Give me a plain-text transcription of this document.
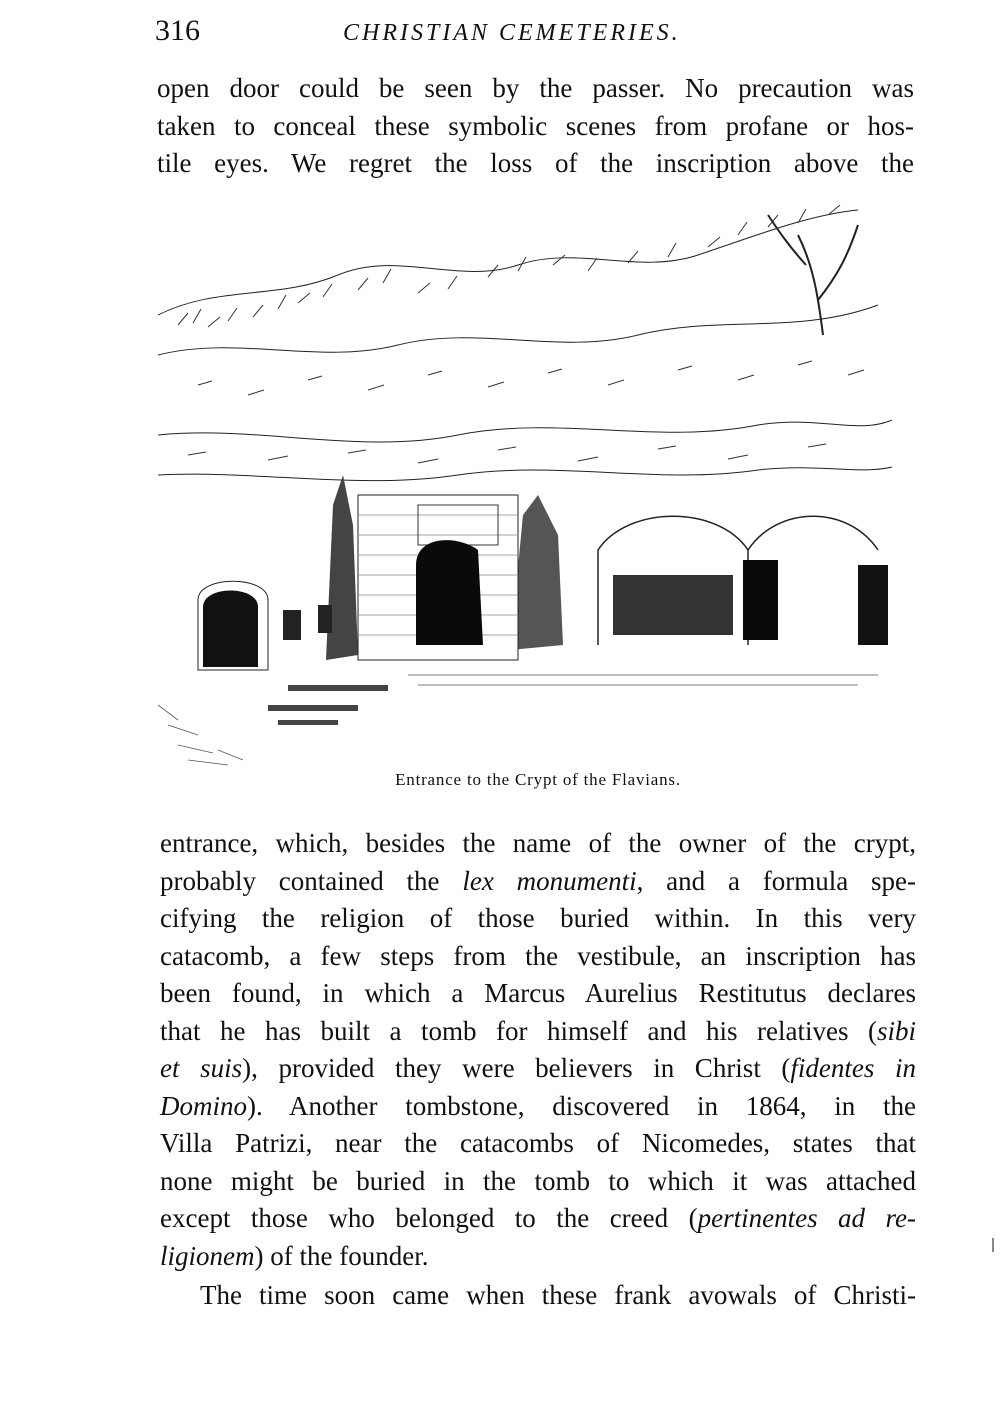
316	CHRISTIAN CEMETERIES.

open door could be seen by the passer. No precaution was
taken to conceal these symbolic scenes from profane or hos-
tile eyes. We regret the loss of the inscription above the

Entrance to the Crypt of the Flavians.

entrance, which, besides the name of the owner of the crypt,
probably contained the lex monumenti, and a formula spe-
cifying the religion of those buried within. In this very
catacomb, a few steps from the vestibule, an inscription has
been found, in which a Marcus Aurelius Restitutus declares
that he has built a tomb for himself and his relatives (sibi
et suis), provided they were believers in Christ (fidentes in
Domino). Another tombstone, discovered in 1864, in the
Villa Patrizi, near the catacombs of Nicomedes, states that
none might be buried in the tomb to which it was attached
except those who belonged to the creed (pertinentes ad re-
ligionem) of the founder.

The time soon came when these frank avowals of Christi-
